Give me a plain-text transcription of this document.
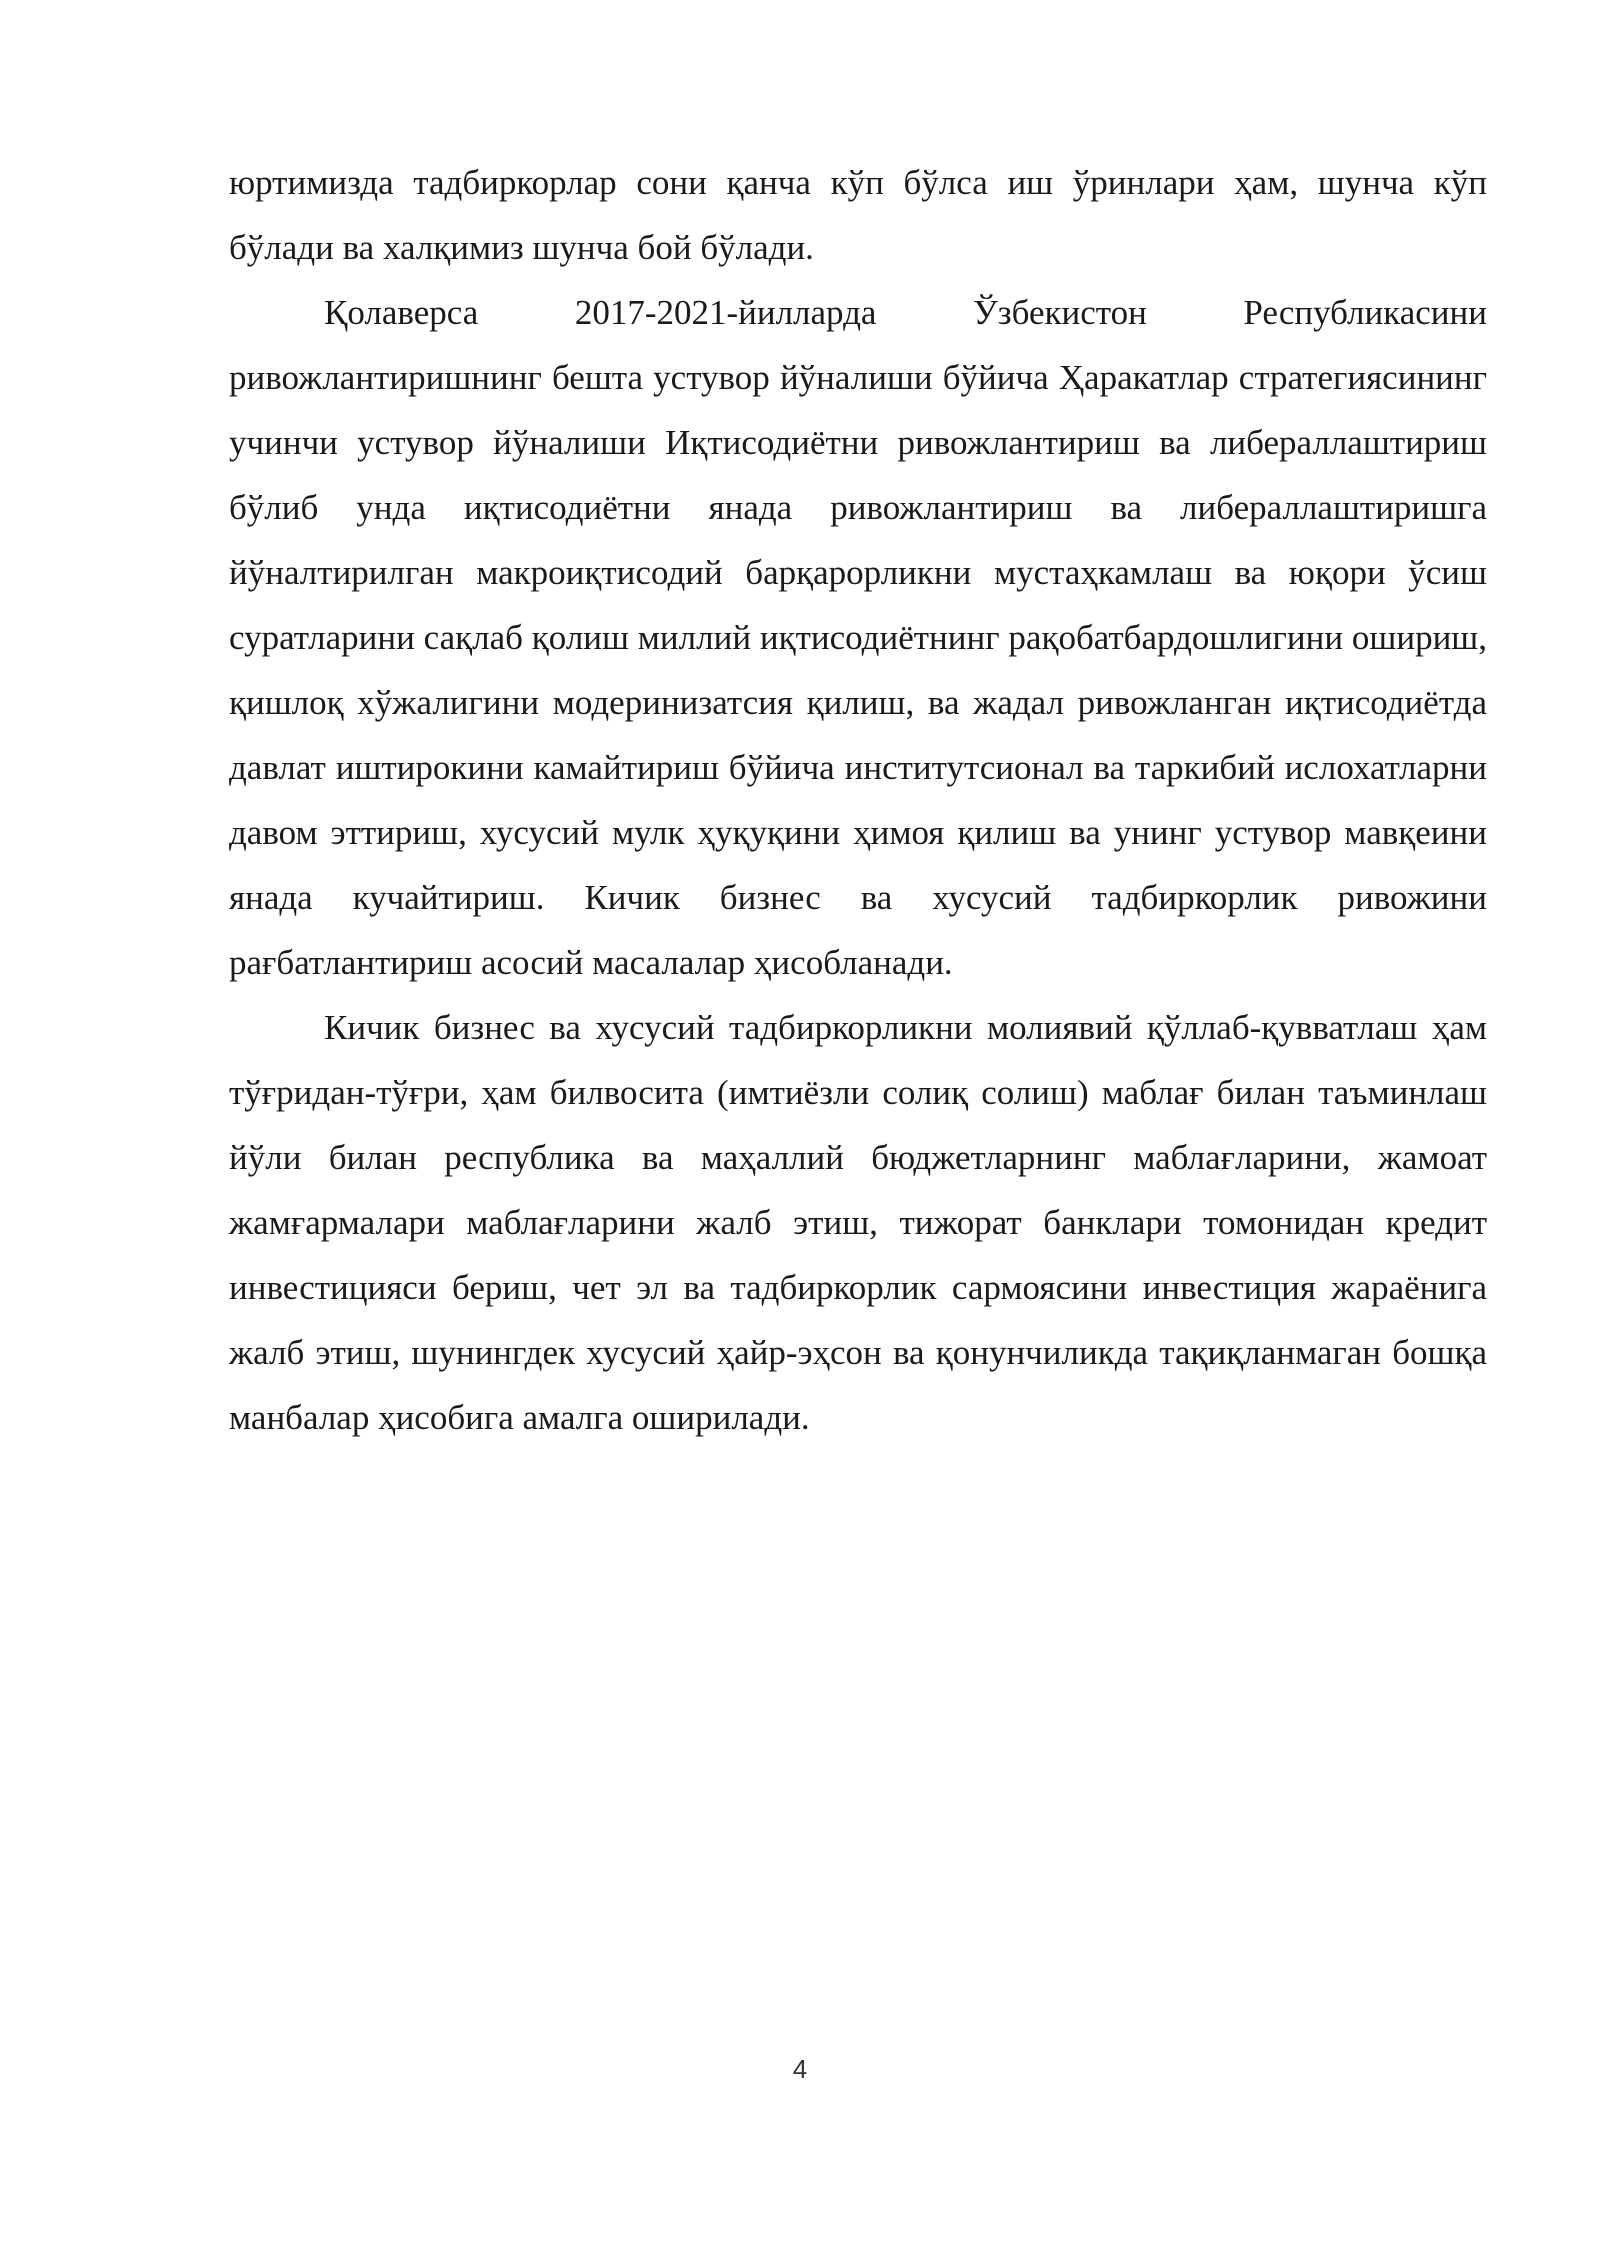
юртимизда тадбиркорлар сони қанча кўп бўлса иш ўринлари ҳам, шунча кўп бўлади ва халқимиз шунча бой бўлади.

Қолаверса 2017-2021-йилларда Ўзбекистон Республикасини ривожлантиришнинг бешта устувор йўналиши бўйича Ҳаракатлар стратегиясининг учинчи устувор йўналиши Иқтисодиётни ривожлантириш ва либераллаштириш бўлиб унда иқтисодиётни янада ривожлантириш ва либераллаштиришга йўналтирилган макроиқтисодий барқарорликни мустаҳкамлаш ва юқори ўсиш суратларини сақлаб қолиш миллий иқтисодиётнинг рақобатбардошлигини ошириш, қишлоқ хўжалигини модеринизатсия қилиш, ва жадал ривожланган иқтисодиётда давлат иштирокини камайтириш бўйича институтсионал ва таркибий ислохатларни давом эттириш, хусусий мулк ҳуқуқини ҳимоя қилиш ва унинг устувор мавқеини янада кучайтириш. Кичик бизнес ва хусусий тадбиркорлик ривожини рағбатлантириш асосий масалалар ҳисобланади.

Кичик бизнес ва хусусий тадбиркорликни молиявий қўллаб-қувватлаш ҳам тўғридан-тўғри, ҳам билвосита (имтиёзли солиқ солиш) маблағ билан таъминлаш йўли билан республика ва маҳаллий бюджетларнинг маблағларини, жамоат жамғармалари маблағларини жалб этиш, тижорат банклари томонидан кредит инвестицияси бериш, чет эл ва тадбиркорлик сармоясини инвестиция жараёнига жалб этиш, шунингдек хусусий ҳайр-эҳсон ва қонунчиликда тақиқланмаган бошқа манбалар ҳисобига амалга оширилади.

4
